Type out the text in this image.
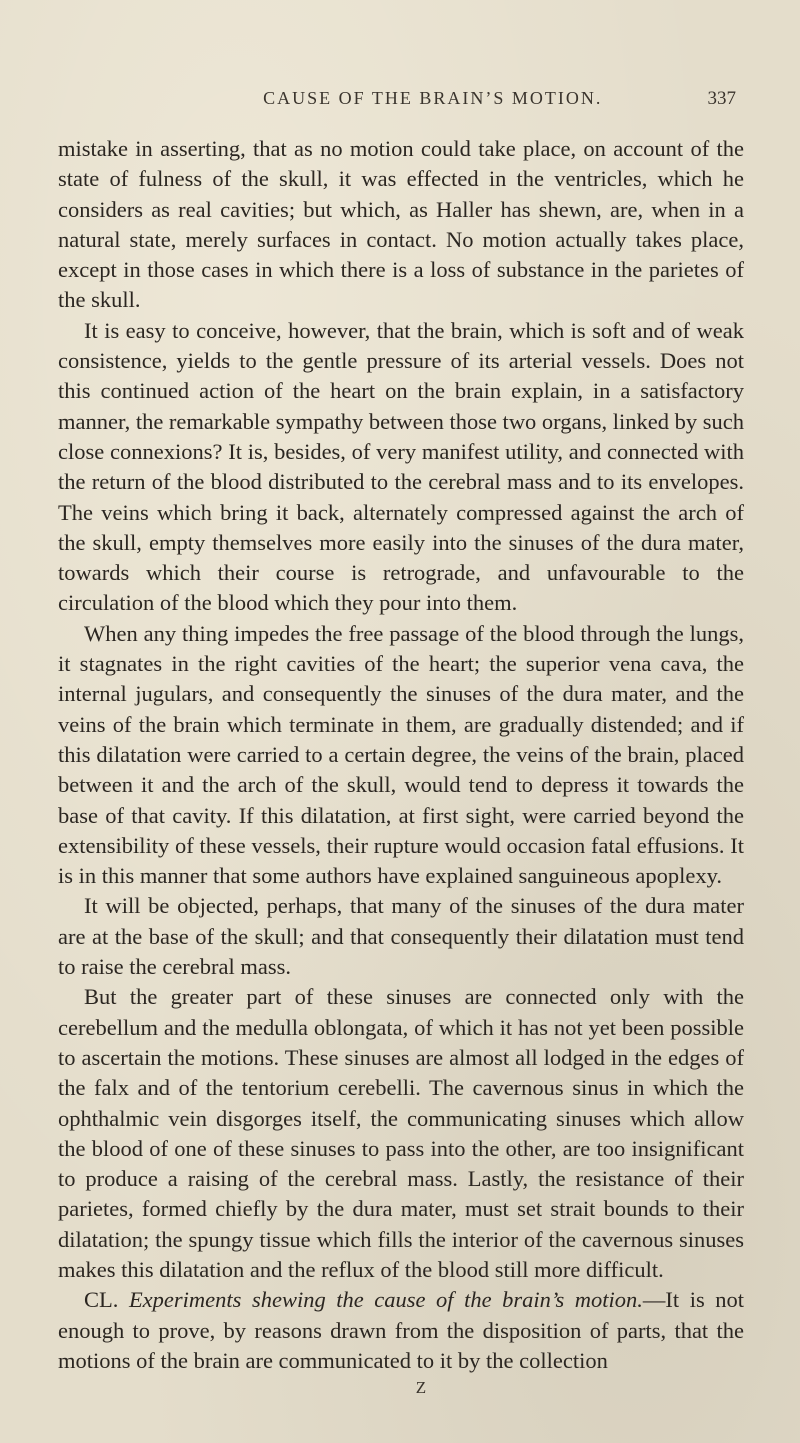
CAUSE OF THE BRAIN’S MOTION.	337

mistake in asserting, that as no motion could take place, on account of the state of fulness of the skull, it was effected in the ventricles, which he considers as real cavities; but which, as Haller has shewn, are, when in a natural state, merely surfaces in contact. No motion actually takes place, except in those cases in which there is a loss of substance in the parietes of the skull.

It is easy to conceive, however, that the brain, which is soft and of weak consistence, yields to the gentle pressure of its arterial vessels. Does not this continued action of the heart on the brain explain, in a satisfactory manner, the remarkable sympathy between those two organs, linked by such close connexions? It is, besides, of very manifest utility, and connected with the return of the blood distributed to the cerebral mass and to its envelopes. The veins which bring it back, alternately compressed against the arch of the skull, empty themselves more easily into the sinuses of the dura mater, towards which their course is retrograde, and unfavourable to the circulation of the blood which they pour into them.

When any thing impedes the free passage of the blood through the lungs, it stagnates in the right cavities of the heart; the superior vena cava, the internal jugulars, and consequently the sinuses of the dura mater, and the veins of the brain which terminate in them, are gradually distended; and if this dilatation were carried to a certain degree, the veins of the brain, placed between it and the arch of the skull, would tend to depress it towards the base of that cavity. If this dilatation, at first sight, were carried beyond the extensibility of these vessels, their rupture would occasion fatal effusions. It is in this manner that some authors have explained sanguineous apoplexy.

It will be objected, perhaps, that many of the sinuses of the dura mater are at the base of the skull; and that consequently their dilatation must tend to raise the cerebral mass.

But the greater part of these sinuses are connected only with the cerebellum and the medulla oblongata, of which it has not yet been possible to ascertain the motions. These sinuses are almost all lodged in the edges of the falx and of the tentorium cerebelli. The cavernous sinus in which the ophthalmic vein disgorges itself, the communicating sinuses which allow the blood of one of these sinuses to pass into the other, are too insignificant to produce a raising of the cerebral mass. Lastly, the resistance of their parietes, formed chiefly by the dura mater, must set strait bounds to their dilatation; the spungy tissue which fills the interior of the cavernous sinuses makes this dilatation and the reflux of the blood still more difficult.

CL. Experiments shewing the cause of the brain’s motion.—It is not enough to prove, by reasons drawn from the disposition of parts, that the motions of the brain are communicated to it by the collection

Z
